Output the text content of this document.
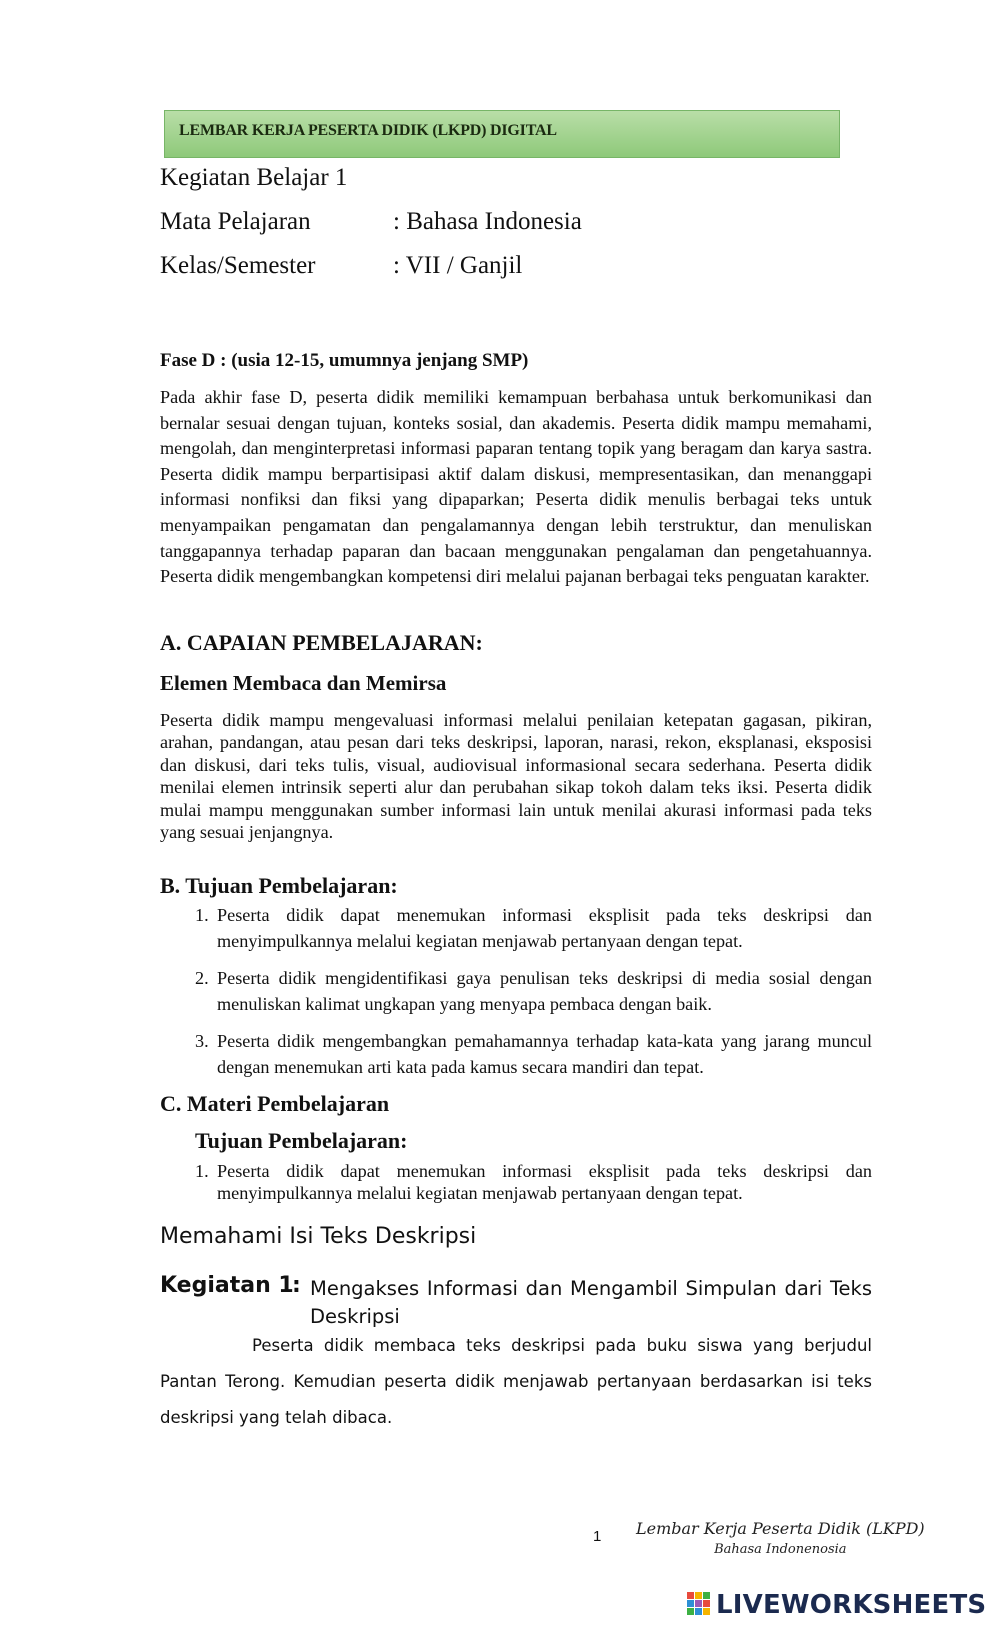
LEMBAR KERJA PESERTA DIDIK (LKPD) DIGITAL
Kegiatan Belajar 1
Mata Pelajaran	: Bahasa Indonesia
Kelas/Semester	: VII / Ganjil
Fase D : (usia 12-15, umumnya jenjang SMP)

Pada akhir fase D, peserta didik memiliki kemampuan berbahasa untuk berkomunikasi dan bernalar sesuai dengan tujuan, konteks sosial, dan akademis. Peserta didik mampu memahami, mengolah, dan menginterpretasi informasi paparan tentang topik yang beragam dan karya sastra. Peserta didik mampu berpartisipasi aktif dalam diskusi, mempresentasikan, dan menanggapi informasi nonfiksi dan fiksi yang dipaparkan; Peserta didik menulis berbagai teks untuk menyampaikan pengamatan dan pengalamannya dengan lebih terstruktur, dan menuliskan tanggapannya terhadap paparan dan bacaan menggunakan pengalaman dan pengetahuannya. Peserta didik mengembangkan kompetensi diri melalui pajanan berbagai teks penguatan karakter.

A. CAPAIAN PEMBELAJARAN:
Elemen Membaca dan Memirsa

Peserta didik mampu mengevaluasi informasi melalui penilaian ketepatan gagasan, pikiran, arahan, pandangan, atau pesan dari teks deskripsi, laporan, narasi, rekon, eksplanasi, eksposisi dan diskusi, dari teks tulis, visual, audiovisual informasional secara sederhana. Peserta didik menilai elemen intrinsik seperti alur dan perubahan sikap tokoh dalam teks iksi. Peserta didik mulai mampu menggunakan sumber informasi lain untuk menilai akurasi informasi pada teks yang sesuai jenjangnya.

B. Tujuan Pembelajaran:
1. Peserta didik dapat menemukan informasi eksplisit pada teks deskripsi dan menyimpulkannya melalui kegiatan menjawab pertanyaan dengan tepat.
2. Peserta didik mengidentifikasi gaya penulisan teks deskripsi di media sosial dengan menuliskan kalimat ungkapan yang menyapa pembaca dengan baik.
3. Peserta didik mengembangkan pemahamannya terhadap kata-kata yang jarang muncul dengan menemukan arti kata pada kamus secara mandiri dan tepat.
C. Materi Pembelajaran
Tujuan Pembelajaran:
1. Peserta didik dapat menemukan informasi eksplisit pada teks deskripsi dan menyimpulkannya melalui kegiatan menjawab pertanyaan dengan tepat.
Memahami Isi Teks Deskripsi
Kegiatan 1
: Mengakses Informasi dan Mengambil Simpulan dari Teks Deskripsi
Peserta didik membaca teks deskripsi pada buku siswa yang berjudul Pantan Terong. Kemudian peserta didik menjawab pertanyaan berdasarkan isi teks deskripsi yang telah dibaca.
1 Lembar Kerja Peserta Didik (LKPD)
Bahasa Indonenosia
LIVEWORKSHEETS
